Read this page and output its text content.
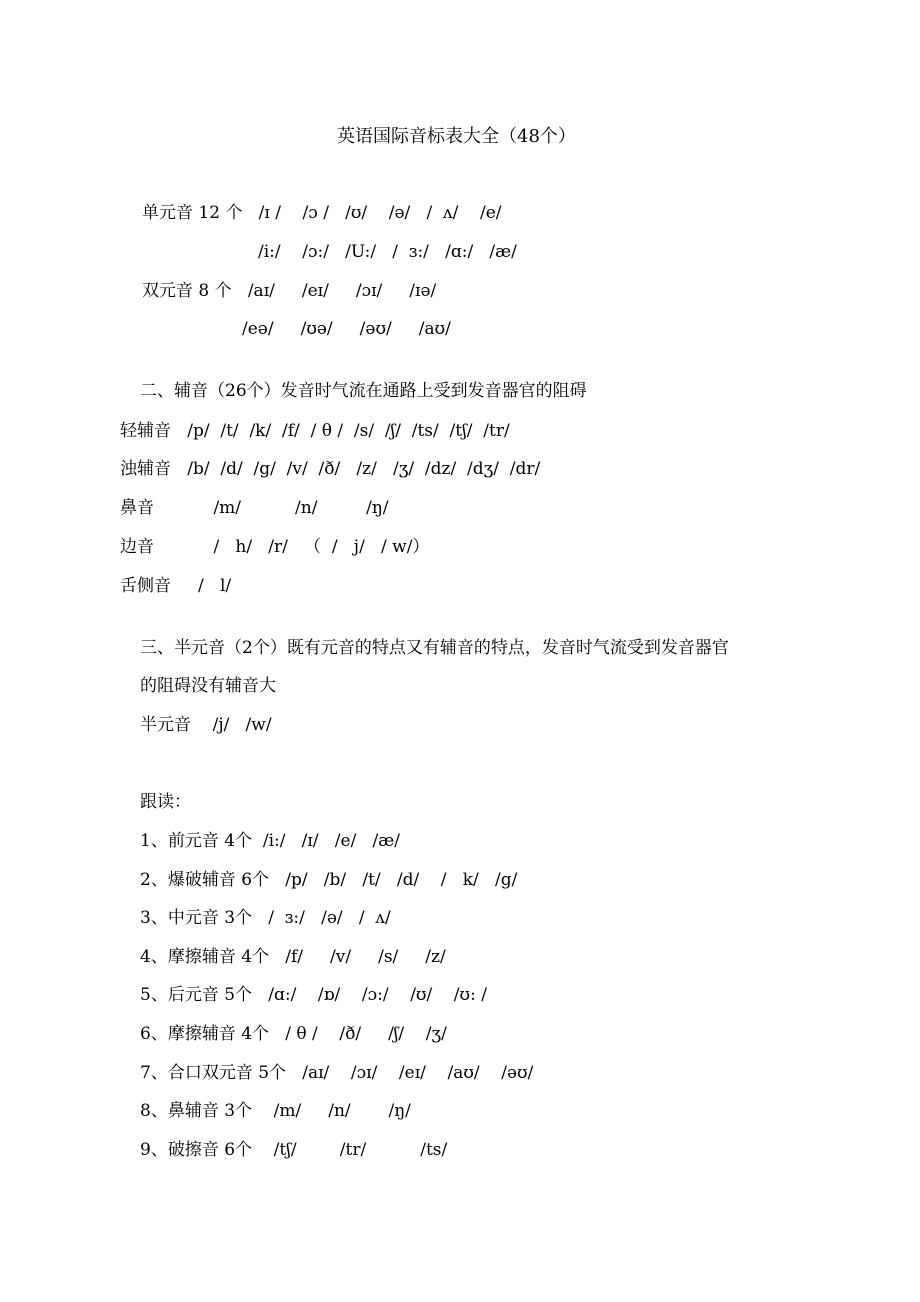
英语国际音标表大全（48个）
单元音 12 个   /ɪ /    /ɔ /   /ʊ/    /ə/   /  ʌ/    /e/
/i:/    /ɔ:/   /U:/   /  ɜ:/   /ɑ:/   /æ/
双元音 8 个   /aɪ/     /eɪ/     /ɔɪ/     /ɪə/
/eə/     /ʊə/     /əʊ/     /aʊ/
二、辅音（26个）发音时气流在通路上受到发音器官的阻碍
轻辅音   /p/  /t/  /k/  /f/  / θ /  /s/  /ʃ/  /ts/  /tʃ/  /tr/
浊辅音   /b/  /d/  /g/  /v/  /ð/   /z/   /ʒ/  /dz/  /dʒ/  /dr/
鼻音           /m/          /n/         /ŋ/
边音           /   h/   /r/   （  /   j/   / w/）
舌侧音     /   l/
三、半元音（2个）既有元音的特点又有辅音的特点，发音时气流受到发音器官
的阻碍没有辅音大
半元音    /j/   /w/
跟读：
1、前元音 4个  /i:/   /ɪ/   /e/   /æ/
2、爆破辅音 6个   /p/   /b/   /t/   /d/    /   k/   /g/
3、中元音 3个   /  ɜ:/   /ə/   /  ʌ/
4、摩擦辅音 4个   /f/     /v/     /s/     /z/
5、后元音 5个   /ɑ:/    /ɒ/    /ɔ:/    /ʊ/    /ʊ: /
6、摩擦辅音 4个   / θ /    /ð/     /ʃ/    /ʒ/
7、合口双元音 5个   /aɪ/    /ɔɪ/    /eɪ/    /aʊ/    /əʊ/
8、鼻辅音 3个    /m/     /n/       /ŋ/
9、破擦音 6个    /tʃ/        /tr/          /ts/
